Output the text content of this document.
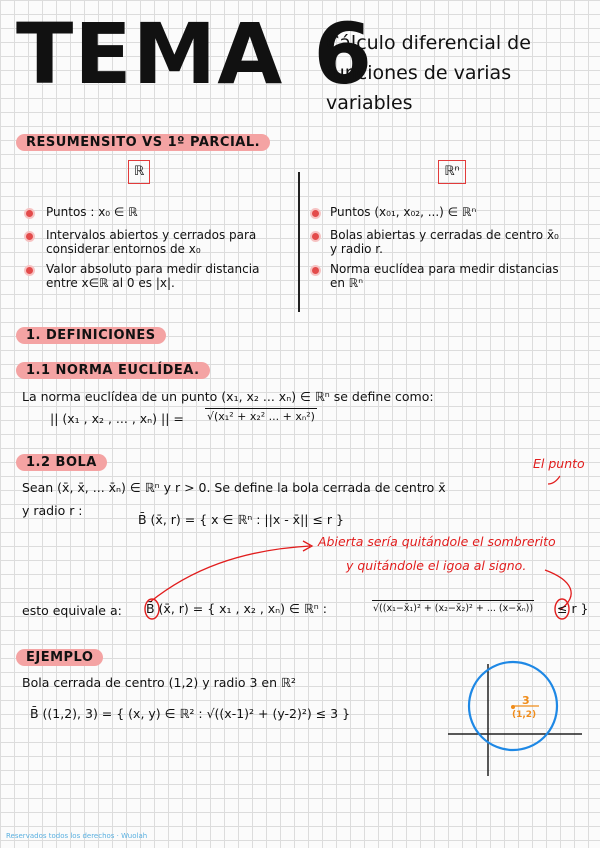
TEMA 6
Cálculo diferencial de
funciones de varias variables
RESUMENSITO VS 1º PARCIAL.
ℝ
Puntos : x₀ ∈ ℝ
Intervalos abiertos y cerrados para
considerar entornos de x₀
Valor absoluto para medir distancia
entre x∈ℝ al 0 es |x|.
ℝⁿ
Puntos (x₀₁, x₀₂, ...) ∈ ℝⁿ
Bolas abiertas y cerradas de centro x̄₀
y radio r.
Norma euclídea para medir distancias
en ℝⁿ
1. DEFINICIONES
1.1 NORMA EUCLÍDEA.
La norma euclídea de un punto (x₁, x₂ ... xₙ) ∈ ℝⁿ se define como:
|| (x₁ , x₂ , ... , xₙ) || = √(x₁² + x₂² ... + xₙ²)
1.2 BOLA	El punto
Sean (x̄, x̄, ... x̄ₙ) ∈ ℝⁿ y r > 0. Se define la bola cerrada de centro x̄
y radio r :
B̄ (x̄, r) = { x ∈ ℝⁿ : ||x - x̄|| ≤ r }
Abierta sería quitándole el sombrerito
y quitándole el igoa al signo.
esto equivale a: B̄ (x̄, r) = { x₁ , x₂ , xₙ) ∈ ℝⁿ :	√((x₁−x̄₁)² + (x₂−x̄₂)² + ... (x−x̄ₙ)) ≤ r }
EJEMPLO
Bola cerrada de centro (1,2) y radio 3 en ℝ²
B̄ ((1,2), 3) = { (x, y) ∈ ℝ² : √((x-1)² + (y-2)²) ≤ 3 }
3
(1,2)
Reservados todos los derechos · Wuolah
